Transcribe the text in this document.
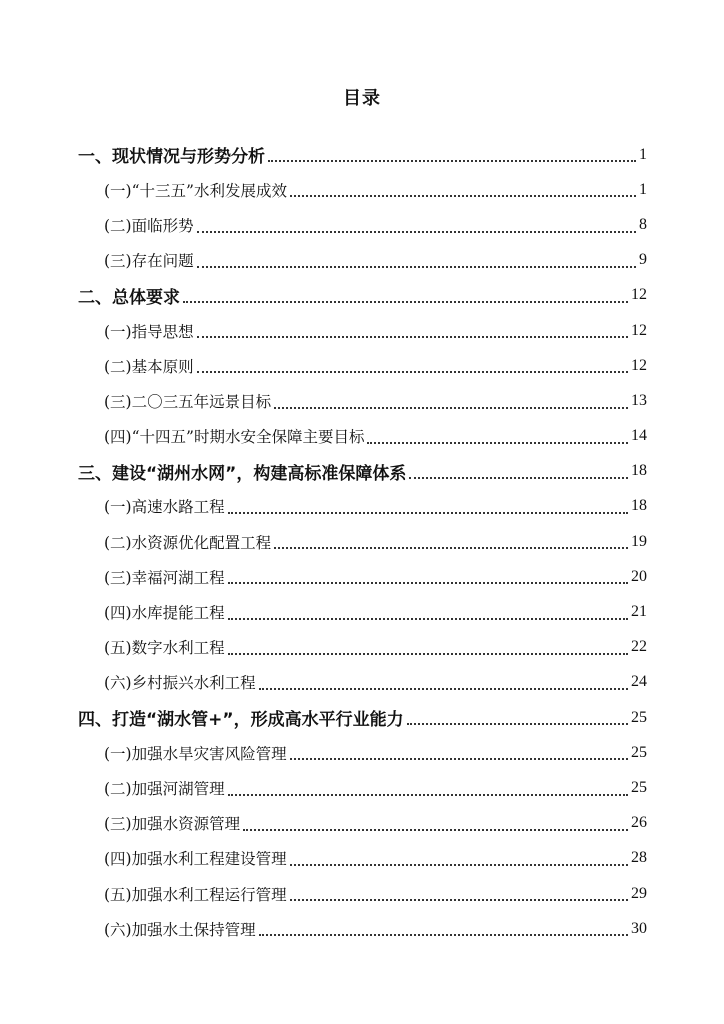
目录
一、现状情况与形势分析	1
(一)“十三五”水利发展成效	1
(二)面临形势	8
(三)存在问题	9
二、总体要求	12
(一)指导思想	12
(二)基本原则	12
(三)二〇三五年远景目标	13
(四)“十四五”时期水安全保障主要目标	14
三、建设“湖州水网”，构建高标准保障体系	18
(一)高速水路工程	18
(二)水资源优化配置工程	19
(三)幸福河湖工程	20
(四)水库提能工程	21
(五)数字水利工程	22
(六)乡村振兴水利工程	24
四、打造“湖水管+”，形成高水平行业能力	25
(一)加强水旱灾害风险管理	25
(二)加强河湖管理	25
(三)加强水资源管理	26
(四)加强水利工程建设管理	28
(五)加强水利工程运行管理	29
(六)加强水土保持管理	30
